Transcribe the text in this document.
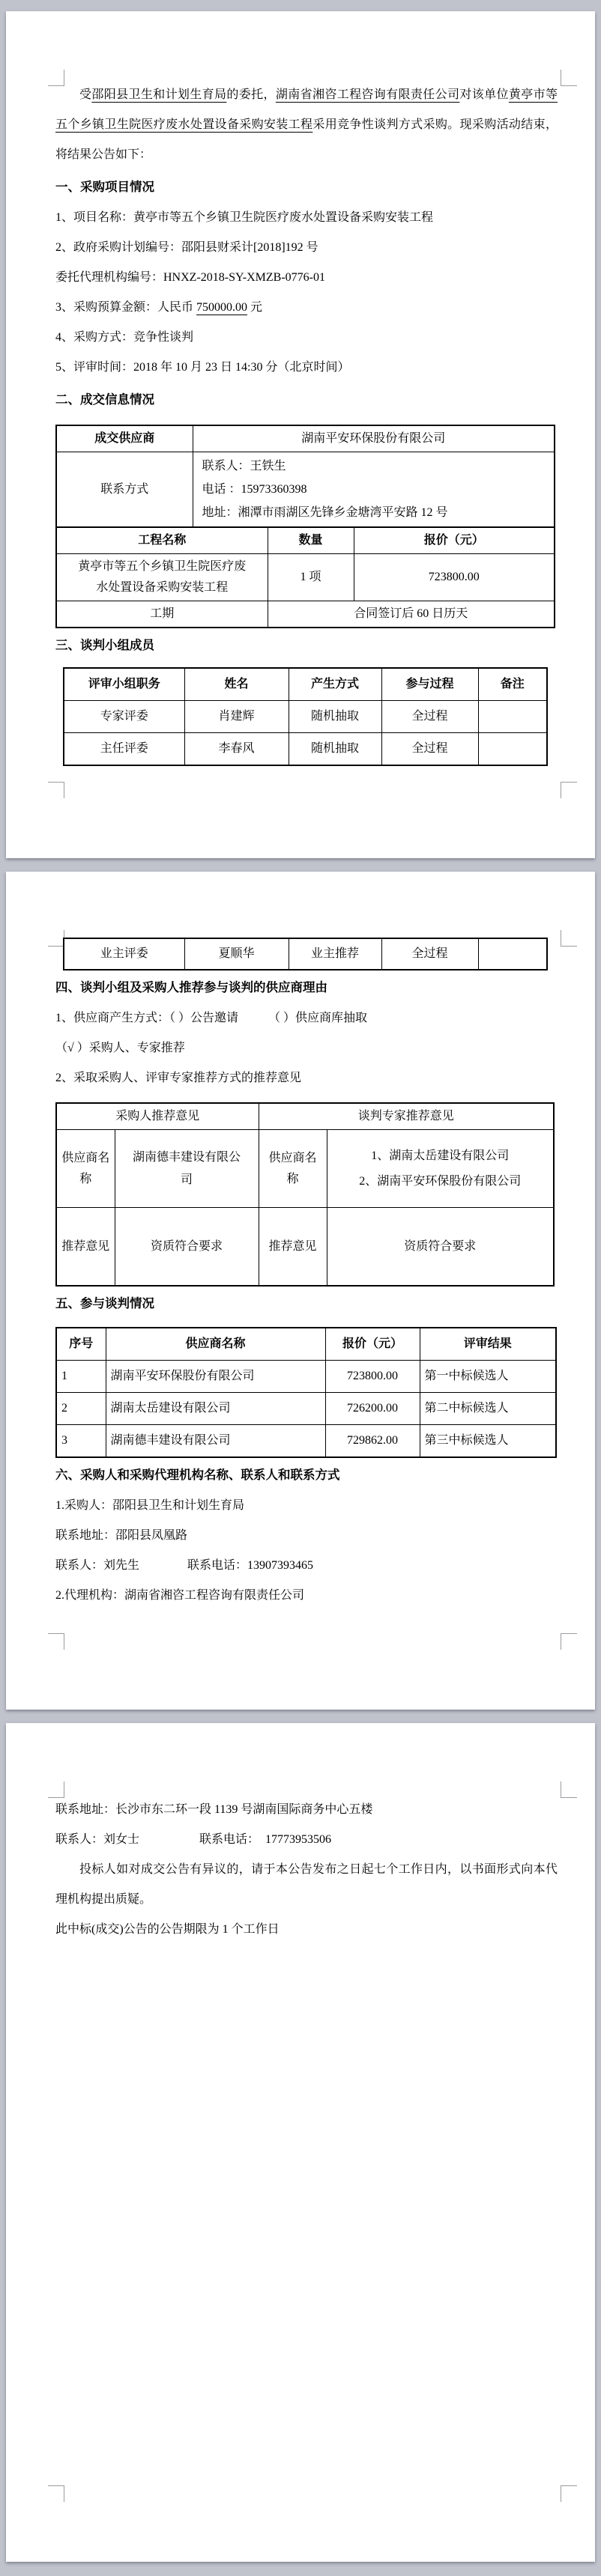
受邵阳县卫生和计划生育局的委托，湖南省湘咨工程咨询有限责任公司对该单位黄亭市等五个乡镇卫生院医疗废水处置设备采购安装工程采用竞争性谈判方式采购。现采购活动结束，将结果公告如下：

一、采购项目情况

1、项目名称：黄亭市等五个乡镇卫生院医疗废水处置设备采购安装工程

2、政府采购计划编号：邵阳县财采计[2018]192 号

委托代理机构编号：HNXZ-2018-SY-XMZB-0776-01

3、采购预算金额：人民币 750000.00 元

4、采购方式：竞争性谈判

5、评审时间：2018 年 10 月 23 日 14:30 分（北京时间）

二、成交信息情况
成交供应商	湖南平安环保股份有限公司
联系方式	联系人：王铁生
电话 ：15973360398
地址：湘潭市雨湖区先锋乡金塘湾平安路 12 号
工程名称	数量	报价（元）

黄亭市等五个乡镇卫生院医疗废水处置设备采购安装工程	1 项	723800.00
工期	合同签订后 60 日历天	
三、谈判小组成员
评审小组职务	姓名	产生方式	参与过程	备注
专家评委	肖建辉	随机抽取	全过程	
主任评委	李春风	随机抽取	全过程	
业主评委	夏顺华	业主推荐	全过程	
四、谈判小组及采购人推荐参与谈判的供应商理由

1、供应商产生方式：（ ）公告邀请　　　（ ）供应商库抽取

（√ ）采购人、专家推荐

2、采取采购人、评审专家推荐方式的推荐意见

采购人推荐意见		谈判专家推荐意见	
供应商名称	湖南德丰建设有限公司	供应商名称	1、湖南太岳建设有限公司
2、湖南平安环保股份有限公司

推荐意见	资质符合要求	推荐意见	资质符合要求
五、参与谈判情况
序号	供应商名称	报价（元）	评审结果
1	湖南平安环保股份有限公司	723800.00	第一中标候选人
2	湖南太岳建设有限公司	726200.00	第二中标候选人
3	湖南德丰建设有限公司	729862.00	第三中标候选人
六、采购人和采购代理机构名称、联系人和联系方式

1.采购人：邵阳县卫生和计划生育局

联系地址：邵阳县凤凰路

联系人：刘先生　　　　联系电话：13907393465

2.代理机构：湖南省湘咨工程咨询有限责任公司

联系地址：长沙市东二环一段 1139 号湖南国际商务中心五楼

联系人：刘女士　　　　　联系电话：　17773953506

投标人如对成交公告有异议的，请于本公告发布之日起七个工作日内，以书面形式向本代理机构提出质疑。

此中标(成交)公告的公告期限为 1 个工作日
